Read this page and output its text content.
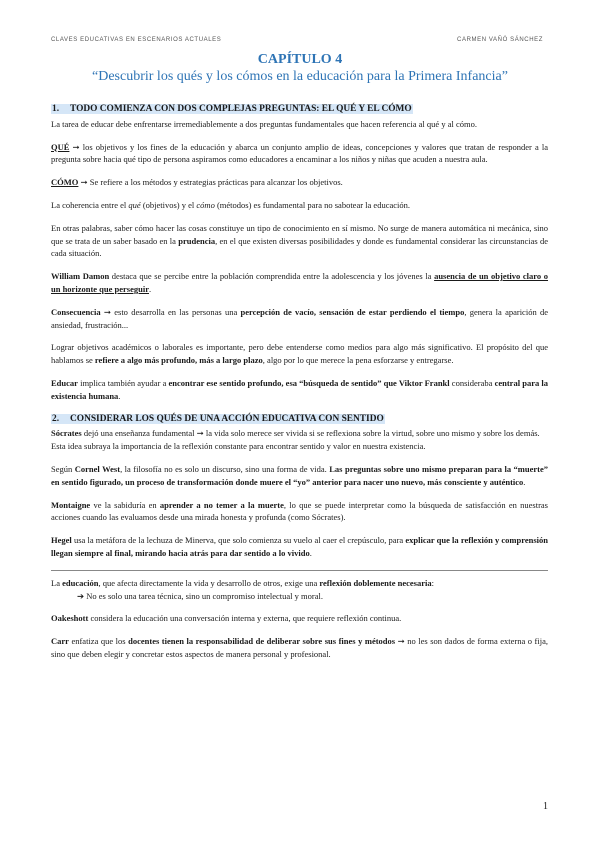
CLAVES EDUCATIVAS EN ESCENARIOS ACTUALES	CARMEN VAÑÓ SÁNCHEZ
CAPÍTULO 4
“Descubrir los qués y los cómos en la educación para la Primera Infancia”
1. TODO COMIENZA CON DOS COMPLEJAS PREGUNTAS: EL QUÉ Y EL CÓMO

La tarea de educar debe enfrentarse irremediablemente a dos preguntas fundamentales que hacen referencia al qué y al cómo.

QUÉ ➞ los objetivos y los fines de la educación y abarca un conjunto amplio de ideas, concepciones y valores que tratan de responder a la pregunta sobre hacia qué tipo de persona aspiramos como educadores a encaminar a los niños y niñas que acuden a nuestra aula.

CÓMO ➞ Se refiere a los métodos y estrategias prácticas para alcanzar los objetivos.

La coherencia entre el qué (objetivos) y el cómo (métodos) es fundamental para no sabotear la educación.

En otras palabras, saber cómo hacer las cosas constituye un tipo de conocimiento en sí mismo. No surge de manera automática ni mecánica, sino que se trata de un saber basado en la prudencia, en el que existen diversas posibilidades y donde es fundamental considerar las circunstancias de cada situación.

William Damon destaca que se percibe entre la población comprendida entre la adolescencia y los jóvenes la ausencia de un objetivo claro o un horizonte que perseguir.

Consecuencia ➞ esto desarrolla en las personas una percepción de vacío, sensación de estar perdiendo el tiempo, genera la aparición de ansiedad, frustración...

Lograr objetivos académicos o laborales es importante, pero debe entenderse como medios para algo más significativo. El propósito del que hablamos se refiere a algo más profundo, más a largo plazo, algo por lo que merece la pena esforzarse y entregarse.

Educar implica también ayudar a encontrar ese sentido profundo, esa “búsqueda de sentido” que Viktor Frankl consideraba central para la existencia humana.

2. CONSIDERAR LOS QUÉS DE UNA ACCIÓN EDUCATIVA CON SENTIDO

Sócrates dejó una enseñanza fundamental ➞ la vida solo merece ser vivida si se reflexiona sobre la virtud, sobre uno mismo y sobre los demás.

Esta idea subraya la importancia de la reflexión constante para encontrar sentido y valor en nuestra existencia.

Según Cornel West, la filosofía no es solo un discurso, sino una forma de vida. Las preguntas sobre uno mismo preparan para la “muerte” en sentido figurado, un proceso de transformación donde muere el “yo” anterior para nacer uno nuevo, más consciente y auténtico.

Montaigne ve la sabiduría en aprender a no temer a la muerte, lo que se puede interpretar como la búsqueda de satisfacción en nuestras acciones cuando las evaluamos desde una mirada honesta y profunda (como Sócrates).

Hegel usa la metáfora de la lechuza de Minerva, que solo comienza su vuelo al caer el crepúsculo, para explicar que la reflexión y comprensión llegan siempre al final, mirando hacia atrás para dar sentido a lo vivido.

La educación, que afecta directamente la vida y desarrollo de otros, exige una reflexión doblemente necesaria:

➔ No es solo una tarea técnica, sino un compromiso intelectual y moral.

Oakeshott considera la educación una conversación interna y externa, que requiere reflexión continua.

Carr enfatiza que los docentes tienen la responsabilidad de deliberar sobre sus fines y métodos ➞ no les son dados de forma externa o fija, sino que deben elegir y concretar estos aspectos de manera personal y profesional.

1
